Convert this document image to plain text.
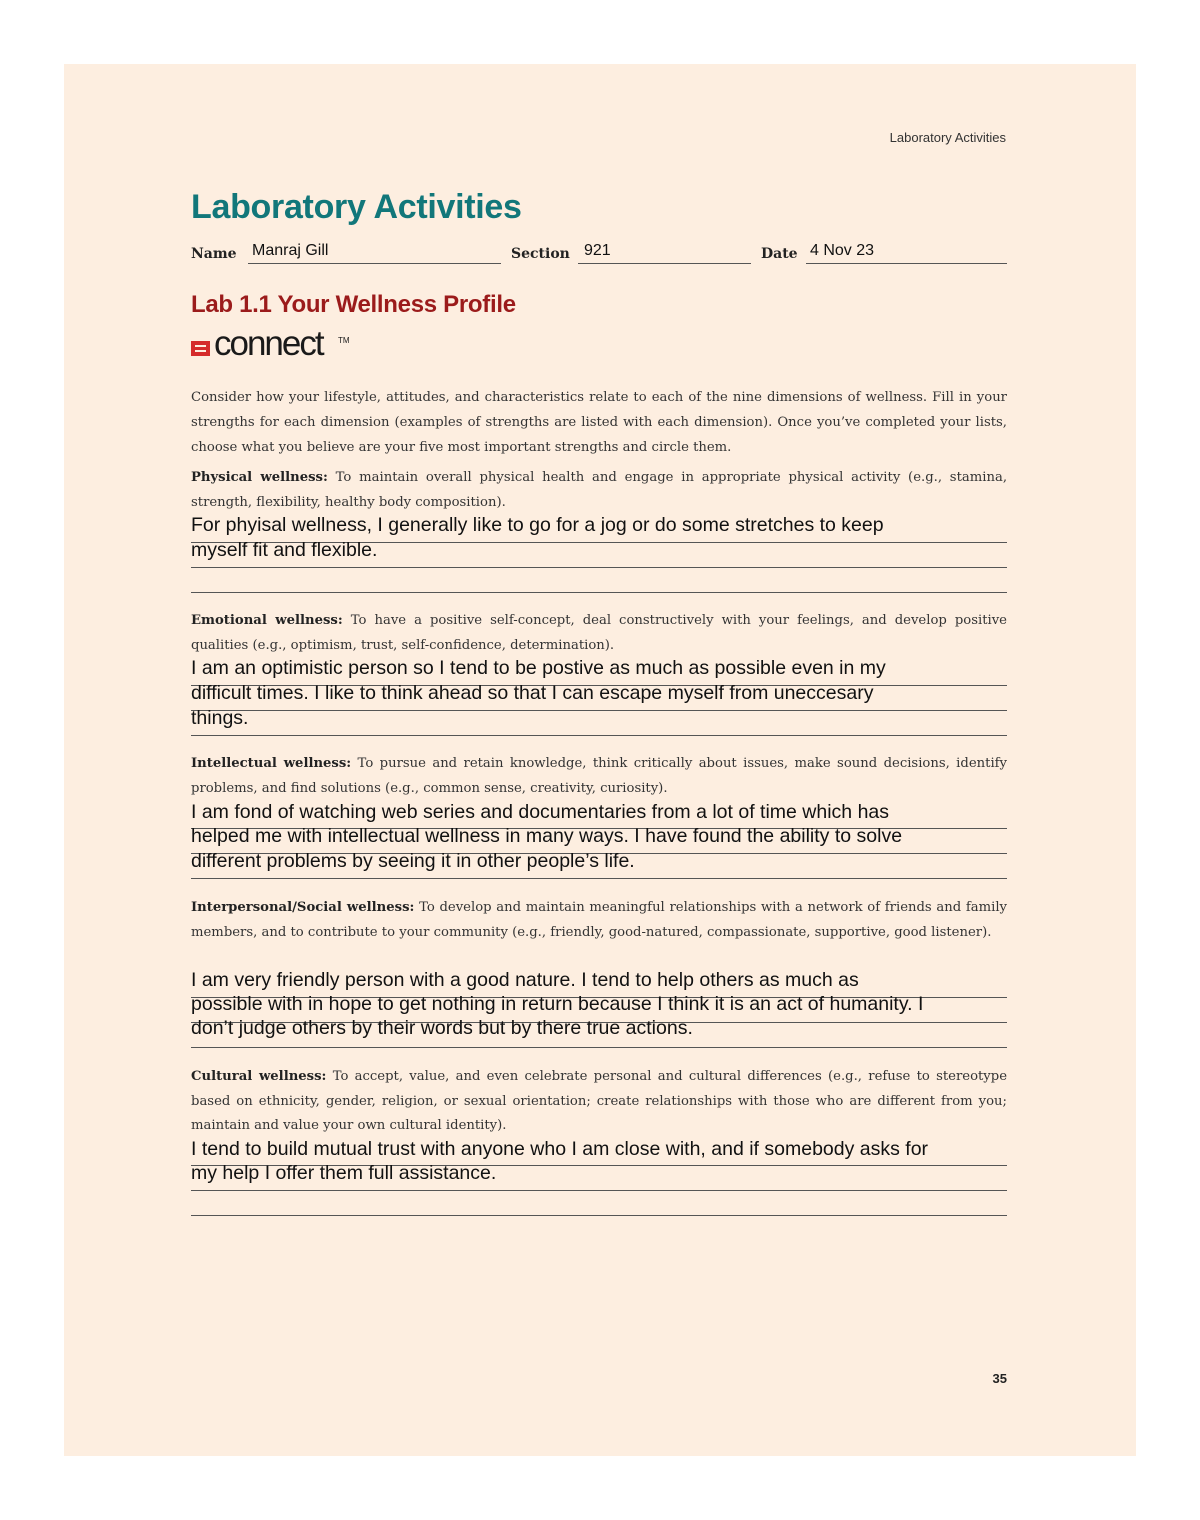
Laboratory Activities
Laboratory Activities
Name Manraj Gill	Section 921	Date 4 Nov 23
Lab 1.1 Your Wellness Profile
connect TM

Consider how your lifestyle, attitudes, and characteristics relate to each of the nine dimensions of wellness. Fill in your strengths for each dimension (examples of strengths are listed with each dimension). Once you’ve completed your lists, choose what you believe are your five most important strengths and circle them.

Physical wellness: To maintain overall physical health and engage in appropriate physical activity (e.g., stamina, strength, flexibility, healthy body composition).

For phyisal wellness, I generally like to go for a jog or do some stretches to keep
myself fit and flexible.

Emotional wellness: To have a positive self-concept, deal constructively with your feelings, and develop positive qualities (e.g., optimism, trust, self-confidence, determination).

I am an optimistic person so I tend to be postive as much as possible even in my
difficult times. I like to think ahead so that I can escape myself from uneccesary
things.

Intellectual wellness: To pursue and retain knowledge, think critically about issues, make sound decisions, identify problems, and find solutions (e.g., common sense, creativity, curiosity).

I am fond of watching web series and documentaries from a lot of time which has
helped me with intellectual wellness in many ways. I have found the ability to solve
different problems by seeing it in other people’s life.

Interpersonal/Social wellness: To develop and maintain meaningful relationships with a network of friends and family members, and to contribute to your community (e.g., friendly, good-natured, compassionate, supportive, good listener).

I am very friendly person with a good nature. I tend to help others as much as
possible with in hope to get nothing in return because I think it is an act of humanity. I
don’t judge others by their words but by there true actions.

Cultural wellness: To accept, value, and even celebrate personal and cultural differences (e.g., refuse to stereotype based on ethnicity, gender, religion, or sexual orientation; create relationships with those who are different from you; maintain and value your own cultural identity).

I tend to build mutual trust with anyone who I am close with, and if somebody asks for
my help I offer them full assistance.
35
